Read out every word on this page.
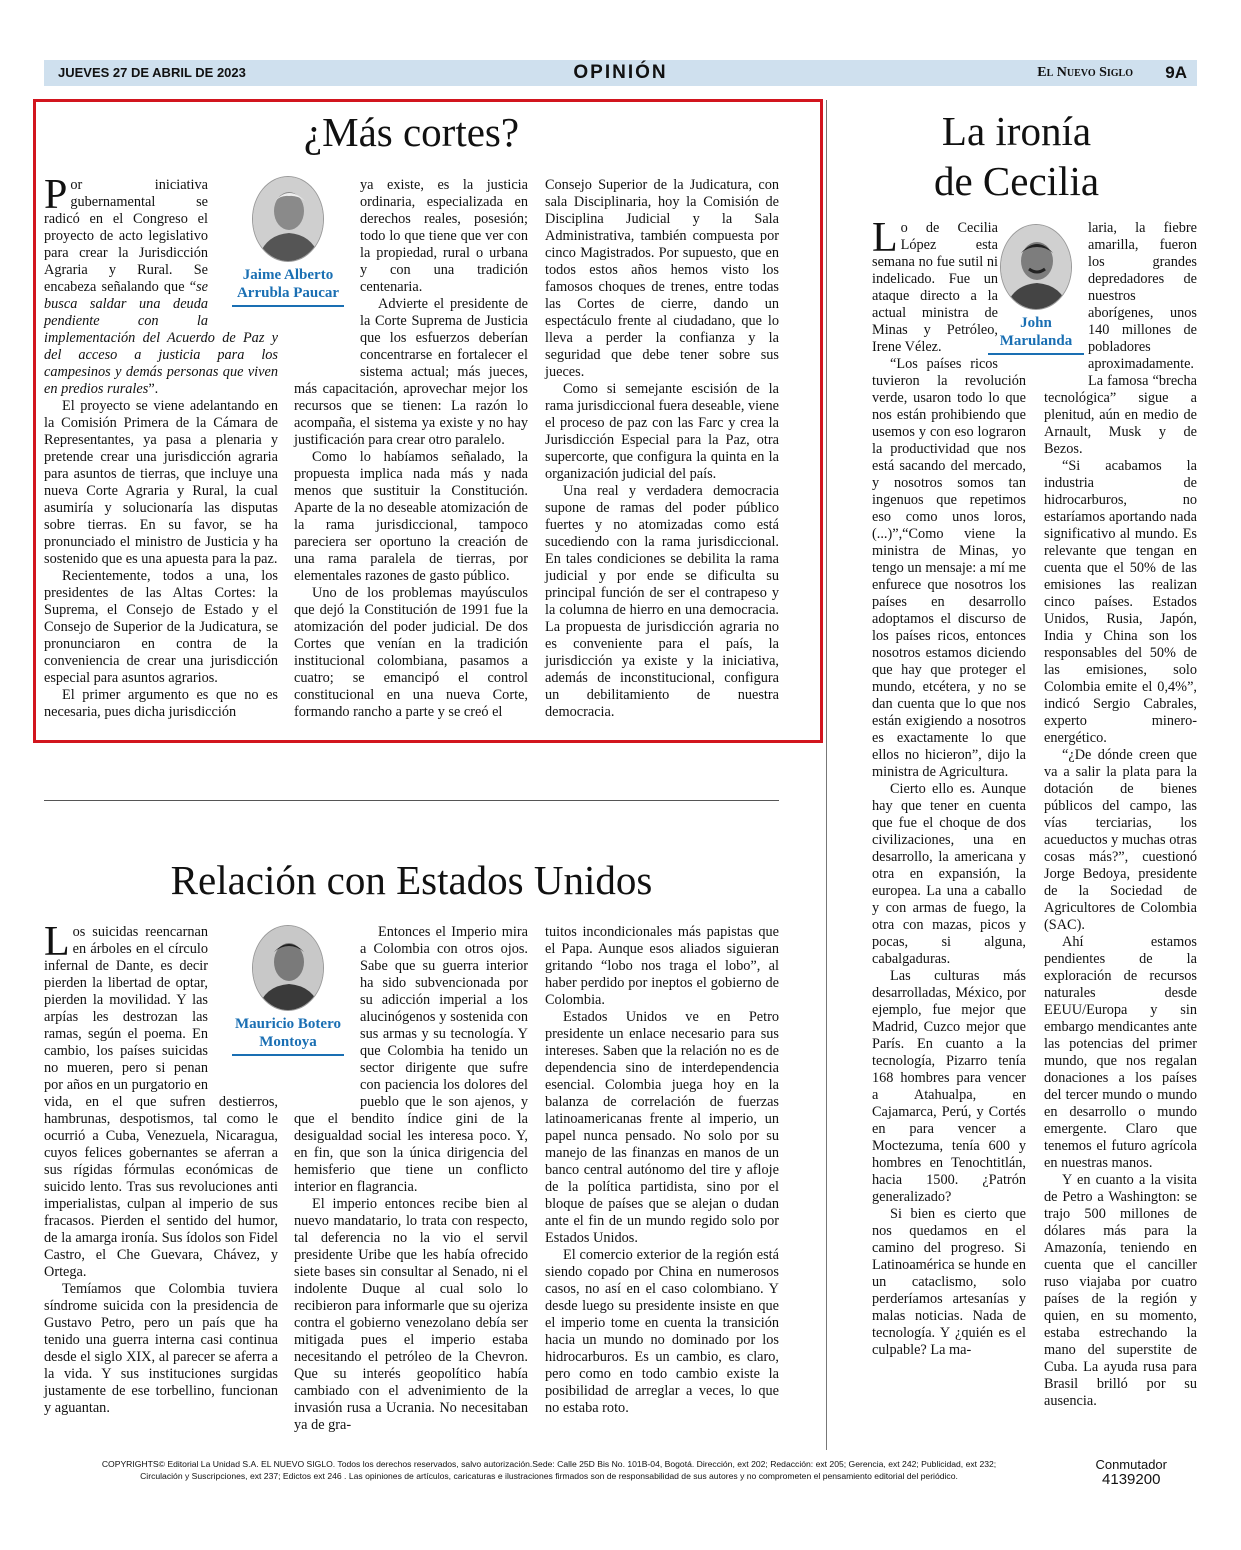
JUEVES 27 DE ABRIL DE 2023	OPINIÓN	El Nuevo Siglo 9A
¿Más cortes?
Jaime Alberto Arrubla Paucar

Por iniciativa gubernamental se radicó en el Congreso el proyecto de acto legislativo para crear la Jurisdicción Agraria y Rural. Se encabeza señalando que “se busca saldar una deuda pendiente con la implementación del Acuerdo de Paz y del acceso a justicia para los campesinos y demás personas que viven en predios rurales”.

El proyecto se viene adelantando en la Comisión Primera de la Cámara de Representantes, ya pasa a plenaria y pretende crear una jurisdicción agraria para asuntos de tierras, que incluye una nueva Corte Agraria y Rural, la cual asumiría y solucionaría las disputas sobre tierras. En su favor, se ha pronunciado el ministro de Justicia y ha sostenido que es una apuesta para la paz.

Recientemente, todos a una, los presidentes de las Altas Cortes: la Suprema, el Consejo de Estado y el Consejo de Superior de la Judicatura, se pronunciaron en contra de la conveniencia de crear una jurisdicción especial para asuntos agrarios.

El primer argumento es que no es necesaria, pues dicha jurisdicción

ya existe, es la justicia ordinaria, especializada en derechos reales, posesión; todo lo que tiene que ver con la propiedad, rural o urbana y con una tradición centenaria.

Advierte el presidente de la Corte Suprema de Justicia que los esfuerzos deberían concentrarse en fortalecer el sistema actual; más jueces, más capacitación, aprovechar mejor los recursos que se tienen: La razón lo acompaña, el sistema ya existe y no hay justificación para crear otro paralelo.

Como lo habíamos señalado, la propuesta implica nada más y nada menos que sustituir la Constitución. Aparte de la no deseable atomización de la rama jurisdiccional, tampoco pareciera ser oportuno la creación de una rama paralela de tierras, por elementales razones de gasto público.

Uno de los problemas mayúsculos que dejó la Constitución de 1991 fue la atomización del poder judicial. De dos Cortes que venían en la tradición institucional colombiana, pasamos a cuatro; se emancipó el control constitucional en una nueva Corte, formando rancho a parte y se creó el

Consejo Superior de la Judicatura, con sala Disciplinaria, hoy la Comisión de Disciplina Judicial y la Sala Administrativa, también compuesta por cinco Magistrados. Por supuesto, que en todos estos años hemos visto los famosos choques de trenes, entre todas las Cortes de cierre, dando un espectáculo frente al ciudadano, que lo lleva a perder la confianza y la seguridad que debe tener sobre sus jueces.

Como si semejante escisión de la rama jurisdiccional fuera deseable, viene el proceso de paz con las Farc y crea la Jurisdicción Especial para la Paz, otra supercorte, que configura la quinta en la organización judicial del país.

Una real y verdadera democracia supone de ramas del poder público fuertes y no atomizadas como está sucediendo con la rama jurisdiccional. En tales condiciones se debilita la rama judicial y por ende se dificulta su principal función de ser el contrapeso y la columna de hierro en una democracia. La propuesta de jurisdicción agraria no es conveniente para el país, la jurisdicción ya existe y la iniciativa, además de inconstitucional, configura un debilitamiento de nuestra democracia.

Relación con Estados Unidos
Mauricio Botero Montoya

Los suicidas reencarnan en árboles en el círculo infernal de Dante, es decir pierden la libertad de optar, pierden la movilidad. Y las arpías les destrozan las ramas, según el poema. En cambio, los países suicidas no mueren, pero si penan por años en un purgatorio en vida, en el que sufren destierros, hambrunas, despotismos, tal como le ocurrió a Cuba, Venezuela, Nicaragua, cuyos felices gobernantes se aferran a sus rígidas fórmulas económicas de suicido lento. Tras sus revoluciones anti imperialistas, culpan al imperio de sus fracasos. Pierden el sentido del humor, de la amarga ironía. Sus ídolos son Fidel Castro, el Che Guevara, Chávez, y Ortega.

Temíamos que Colombia tuviera síndrome suicida con la presidencia de Gustavo Petro, pero un país que ha tenido una guerra interna casi continua desde el siglo XIX, al parecer se aferra a la vida. Y sus instituciones surgidas justamente de ese torbellino, funcionan y aguantan.

Entonces el Imperio mira a Colombia con otros ojos. Sabe que su guerra interior ha sido subvencionada por su adicción imperial a los alucinógenos y sostenida con sus armas y su tecnología. Y que Colombia ha tenido un sector dirigente que sufre con paciencia los dolores del pueblo que le son ajenos, y que el bendito índice gini de la desigualdad social les interesa poco. Y, en fin, que son la única dirigencia del hemisferio que tiene un conflicto interior en flagrancia.

El imperio entonces recibe bien al nuevo mandatario, lo trata con respecto, tal deferencia no la vio el servil presidente Uribe que les había ofrecido siete bases sin consultar al Senado, ni el indolente Duque al cual solo lo recibieron para informarle que su ojeriza contra el gobierno venezolano debía ser mitigada pues el imperio estaba necesitando el petróleo de la Chevron. Que su interés geopolítico había cambiado con el advenimiento de la invasión rusa a Ucrania. No necesitaban ya de gra-

tuitos incondicionales más papistas que el Papa. Aunque esos aliados siguieran gritando “lobo nos traga el lobo”, al haber perdido por ineptos el gobierno de Colombia.

Estados Unidos ve en Petro presidente un enlace necesario para sus intereses. Saben que la relación no es de dependencia sino de interdependencia esencial. Colombia juega hoy en la balanza de correlación de fuerzas latinoamericanas frente al imperio, un papel nunca pensado. No solo por su manejo de las finanzas en manos de un banco central autónomo del tire y afloje de la política partidista, sino por el bloque de países que se alejan o dudan ante el fin de un mundo regido solo por Estados Unidos.

El comercio exterior de la región está siendo copado por China en numerosos casos, no así en el caso colombiano. Y desde luego su presidente insiste en que el imperio tome en cuenta la transición hacia un mundo no dominado por los hidrocarburos. Es un cambio, es claro, pero como en todo cambio existe la posibilidad de arreglar a veces, lo que no estaba roto.

La ironía
de Cecilia
John Marulanda

Lo de Cecilia López esta semana no fue sutil ni indelicado. Fue un ataque directo a la actual ministra de Minas y Petróleo, Irene Vélez.

“Los países ricos tuvieron la revolución verde, usaron todo lo que nos están prohibiendo que usemos y con eso lograron la productividad que nos está sacando del mercado, y nosotros somos tan ingenuos que repetimos eso como unos loros, (...)”,“Como viene la ministra de Minas, yo tengo un mensaje: a mí me enfurece que nosotros los países en desarrollo adoptamos el discurso de los países ricos, entonces nosotros estamos diciendo que hay que proteger el mundo, etcétera, y no se dan cuenta que lo que nos están exigiendo a nosotros es exactamente lo que ellos no hicieron”, dijo la ministra de Agricultura.

Cierto ello es. Aunque hay que tener en cuenta que fue el choque de dos civilizaciones, una en desarrollo, la americana y otra en expansión, la europea. La una a caballo y con armas de fuego, la otra con mazas, picos y pocas, si alguna, cabalgaduras.

Las culturas más desarrolladas, México, por ejemplo, fue mejor que Madrid, Cuzco mejor que París. En cuanto a la tecnología, Pizarro tenía 168 hombres para vencer a Atahualpa, en Cajamarca, Perú, y Cortés en para vencer a Moctezuma, tenía 600 y hombres en Tenochtitlán, hacia 1500. ¿Patrón generalizado?

Si bien es cierto que nos quedamos en el camino del progreso. Si Latinoamérica se hunde en un cataclismo, solo perderíamos artesanías y malas noticias. Nada de tecnología. Y ¿quién es el culpable? La ma-

laria, la fiebre amarilla, fueron los grandes depredadores de nuestros aborígenes, unos 140 millones de pobladores aproximadamente.

La famosa “brecha tecnológica” sigue a plenitud, aún en medio de Arnault, Musk y de Bezos.

“Si acabamos la industria de hidrocarburos, no estaríamos aportando nada significativo al mundo. Es relevante que tengan en cuenta que el 50% de las emisiones las realizan cinco países. Estados Unidos, Rusia, Japón, India y China son los responsables del 50% de las emisiones, solo Colombia emite el 0,4%”, indicó Sergio Cabrales, experto minero-energético.

“¿De dónde creen que va a salir la plata para la dotación de bienes públicos del campo, las vías terciarias, los acueductos y muchas otras cosas más?”, cuestionó Jorge Bedoya, presidente de la Sociedad de Agricultores de Colombia (SAC).

Ahí estamos pendientes de la exploración de recursos naturales desde EEUU/Europa y sin embargo mendicantes ante las potencias del primer mundo, que nos regalan donaciones a los países del tercer mundo o mundo en desarrollo o mundo emergente. Claro que tenemos el futuro agrícola en nuestras manos.

Y en cuanto a la visita de Petro a Washington: se trajo 500 millones de dólares más para la Amazonía, teniendo en cuenta que el canciller ruso viajaba por cuatro países de la región y quien, en su momento, estaba estrechando la mano del superstite de Cuba. La ayuda rusa para Brasil brilló por su ausencia.

COPYRIGHTS© Editorial La Unidad S.A. EL NUEVO SIGLO. Todos los derechos reservados, salvo autorización.Sede: Calle 25D Bis No. 101B-04, Bogotá. Dirección, ext 202; Redacción: ext 205; Gerencia, ext 242; Publicidad, ext 232;
Circulación y Suscripciones, ext 237; Edictos ext 246 . Las opiniones de artículos, caricaturas e ilustraciones firmados son de responsabilidad de sus autores y no comprometen el pensamiento editorial del periódico.
Conmutador
4139200
